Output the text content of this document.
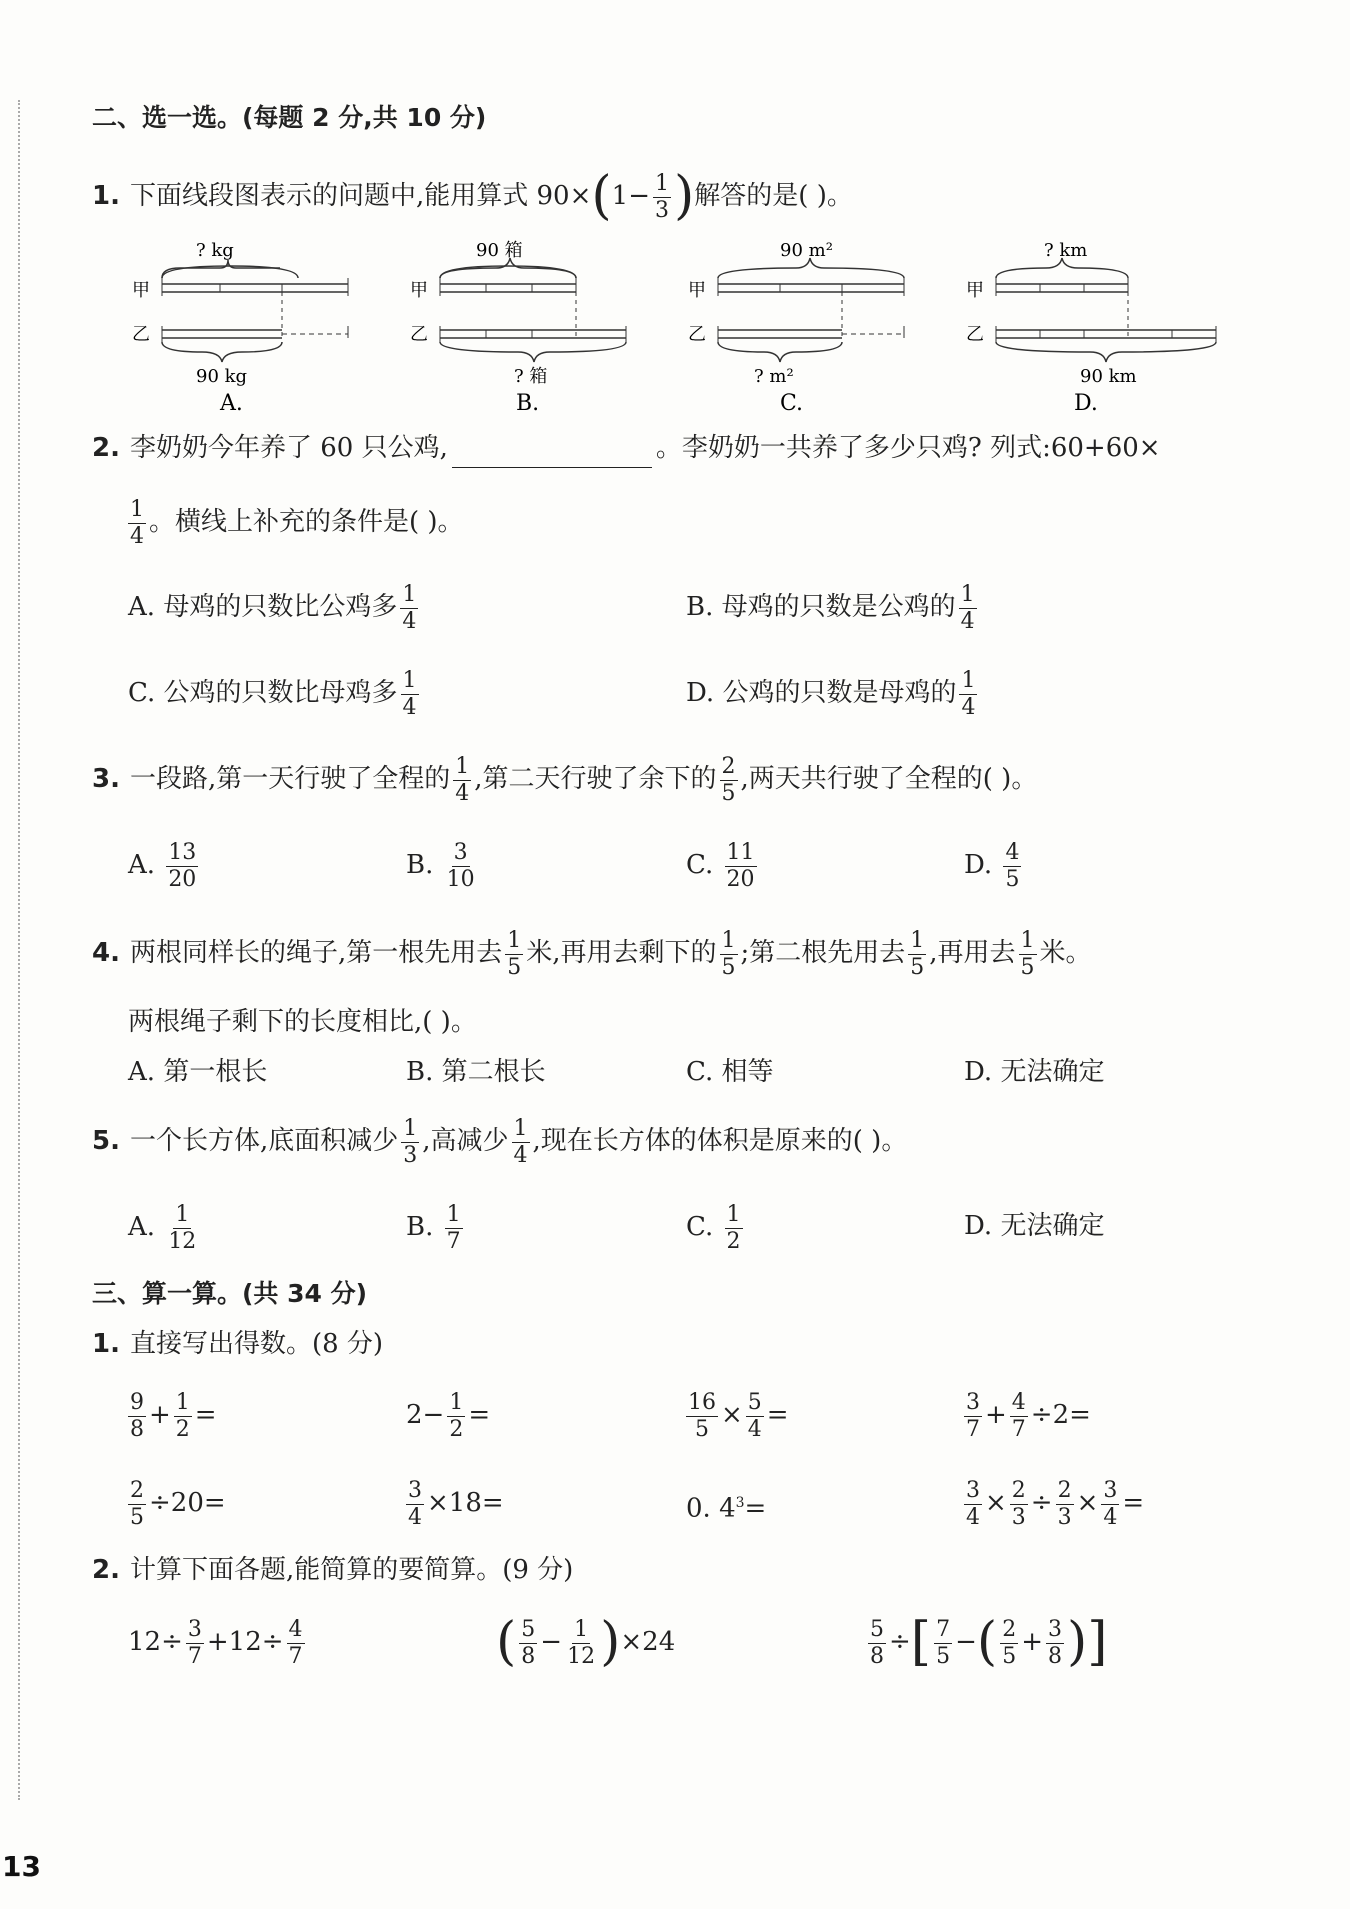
13
二、选一选。(每题 2 分,共 10 分)
1. 下面线段图表示的问题中,能用算式 $90\times(1- \frac{1}{3}$ )解答的是( )。
甲
乙
? kg
90 kg
A.
甲
乙
90 箱
? 箱
B.
甲
乙
90 m²
? m²
C.
甲
乙
? km
90 km
D.
2. 李奶奶今年养了 60 只公鸡,	。李奶奶一共养了多少只鸡? 列式:60+60×
$\frac{1}{4}$ 。横线上补充的条件是( )。
A. 母鸡的只数比公鸡多 $\frac{1}{4}$	B. 母鸡的只数是公鸡的 $\frac{1}{4}$
C. 公鸡的只数比母鸡多 $\frac{1}{4}$	D. 公鸡的只数是母鸡的 $\frac{1}{4}$
3. 一段路,第一天行驶了全程的 $\frac{1}{4}$ ,第二天行驶了余下的 $\frac{2}{5}$ ,两天共行驶了全程的( )。
A. $\frac{13}{20}$	B. $\frac{3}{10}$	C. $\frac{11}{20}$	D. $\frac{4}{5}$
4. 两根同样长的绳子,第一根先用去 $\frac{1}{5}$ 米,再用去剩下的 $\frac{1}{5}$ ;第二根先用去 $\frac{1}{5}$ ,再用去 $\frac{1}{5}$ 米。
两根绳子剩下的长度相比,( )。
A. 第一根长	B. 第二根长	C. 相等	D. 无法确定
5. 一个长方体,底面积减少 $\frac{1}{3}$ ,高减少 $\frac{1}{4}$ ,现在长方体的体积是原来的( )。
A. $\frac{1}{12}$	B. $\frac{1}{7}$	C. $\frac{1}{2}$	D. 无法确定
三、算一算。(共 34 分)
1. 直接写出得数。(8 分)
$\frac{9}{8} + \frac{1}{2}$ =	$2- \frac{1}{2}$ =	$\frac{16}{5} \times \frac{5}{4}$ =	$\frac{3}{7} + \frac{4}{7} \div 2=$
$\frac{2}{5} \div 20=$	$\frac{3}{4} \times 18=$	0. $4^3=$	$\frac{3}{4} \times \frac{2}{3} \div \frac{2}{3} \times \frac{3}{4}$ =
2. 计算下面各题,能简算的要简算。(9 分)
$12\div \frac{3}{7} +12\div \frac{4}{7}$	( $\frac{5}{8} - \frac{1}{12} )\times 24$	$\frac{5}{8}$ ÷[ $\frac{7}{5}$ −( $\frac{2}{5} + \frac{3}{8}$ )]
